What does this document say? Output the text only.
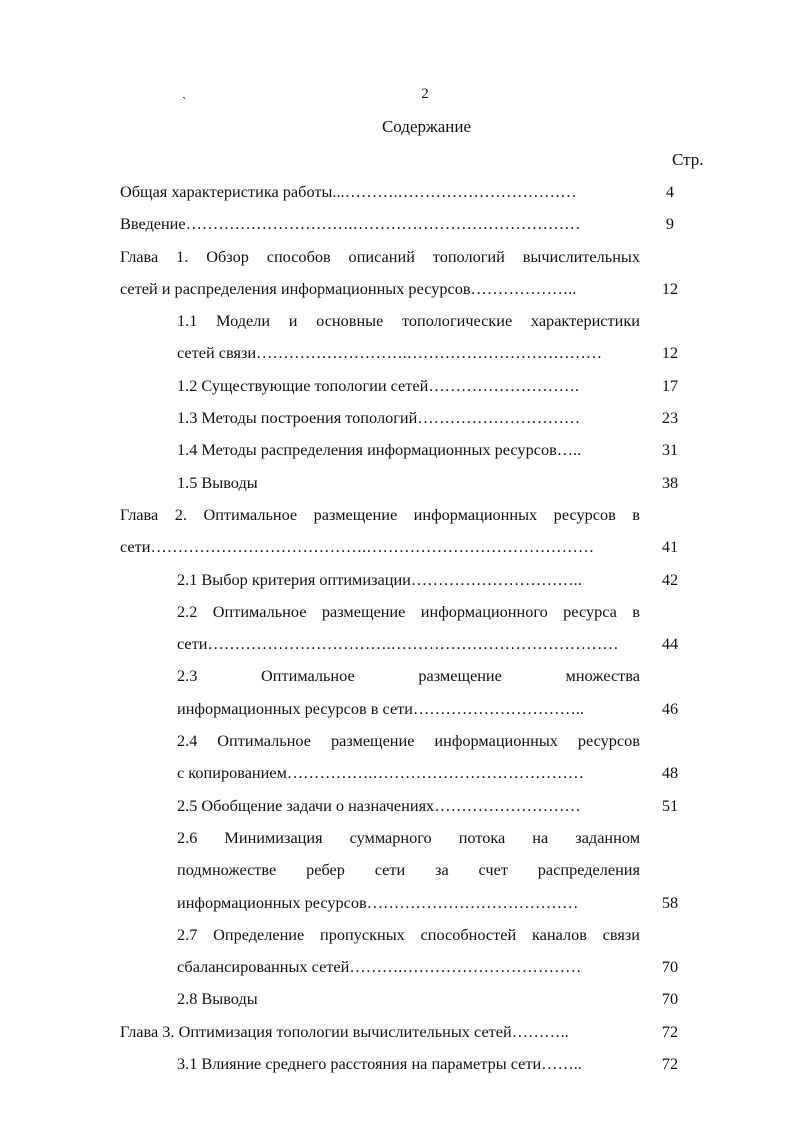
`	2
Содержание
Стр.
Общая характеристика работы...……….……………………………	4
Введение………………………….……………………………………	9
Глава 1. Обзор способов описаний топологий вычислительных
сетей и распределения информационных ресурсов………………..	12
1.1 Модели и основные топологические характеристики
сетей связи……………………….………………………………	12
1.2 Существующие топологии сетей……………………….	17
1.3 Методы построения топологий…………………………	23
1.4 Методы распределения информационных ресурсов…..	31
1.5 Выводы	38
Глава 2. Оптимальное размещение информационных ресурсов в
сети………………………………….……………………………………	41
2.1 Выбор критерия оптимизации…………………………..	42
2.2 Оптимальное размещение информационного ресурса в
сети…………………………….……………………………………	44
2.3 Оптимальное размещение множества
информационных ресурсов в сети…………………………..	46
2.4 Оптимальное размещение информационных ресурсов
с копированием…………….…………………………………	48
2.5 Обобщение задачи о назначениях………………………	51
2.6 Минимизация суммарного потока на заданном
подмножестве ребер сети за счет распределения
информационных ресурсов…………………………………	58
2.7 Определение пропускных способностей каналов связи
сбалансированных сетей……….……………………………	70
2.8 Выводы	70
Глава 3. Оптимизация топологии вычислительных сетей………..	72
3.1 Влияние среднего расстояния на параметры сети……..	72
